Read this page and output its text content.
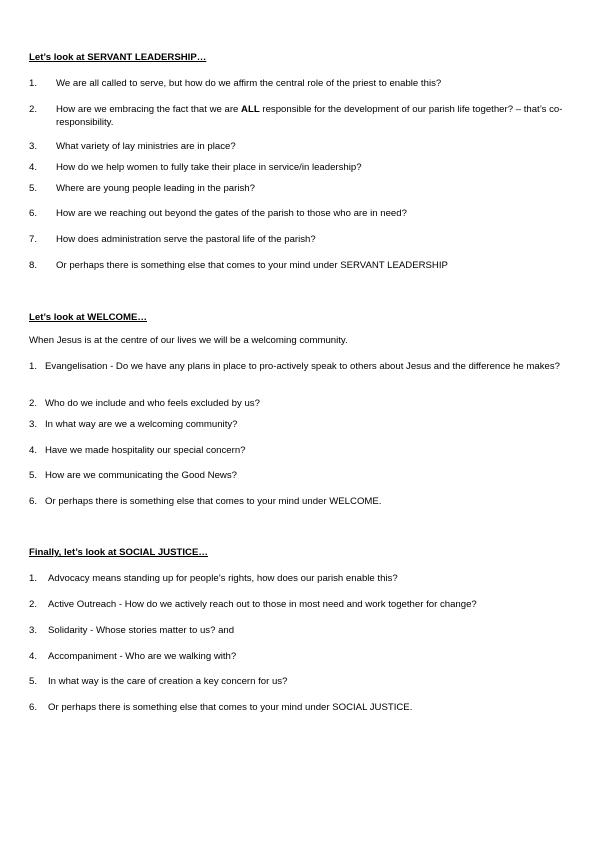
Let’s look at SERVANT LEADERSHIP…
1. We are all called to serve, but how do we affirm the central role of the priest to enable this?
2. How are we embracing the fact that we are ALL responsible for the development of our parish life together? – that’s co-responsibility.
3. What variety of lay ministries are in place?
4. How do we help women to fully take their place in service/in leadership?
5. Where are young people leading in the parish?
6. How are we reaching out beyond the gates of the parish to those who are in need?
7. How does administration serve the pastoral life of the parish?
8. Or perhaps there is something else that comes to your mind under SERVANT LEADERSHIP
Let’s look at WELCOME…
When Jesus is at the centre of our lives we will be a welcoming community.
1. Evangelisation - Do we have any plans in place to pro-actively speak to others about Jesus and the difference he makes?
2. Who do we include and who feels excluded by us?
3. In what way are we a welcoming community?
4. Have we made hospitality our special concern?
5. How are we communicating the Good News?
6. Or perhaps there is something else that comes to your mind under WELCOME.
Finally, let’s look at SOCIAL JUSTICE…
1. Advocacy means standing up for people’s rights, how does our parish enable this?
2. Active Outreach - How do we actively reach out to those in most need and work together for change?
3. Solidarity - Whose stories matter to us? and
4. Accompaniment - Who are we walking with?
5. In what way is the care of creation a key concern for us?
6. Or perhaps there is something else that comes to your mind under SOCIAL JUSTICE.
